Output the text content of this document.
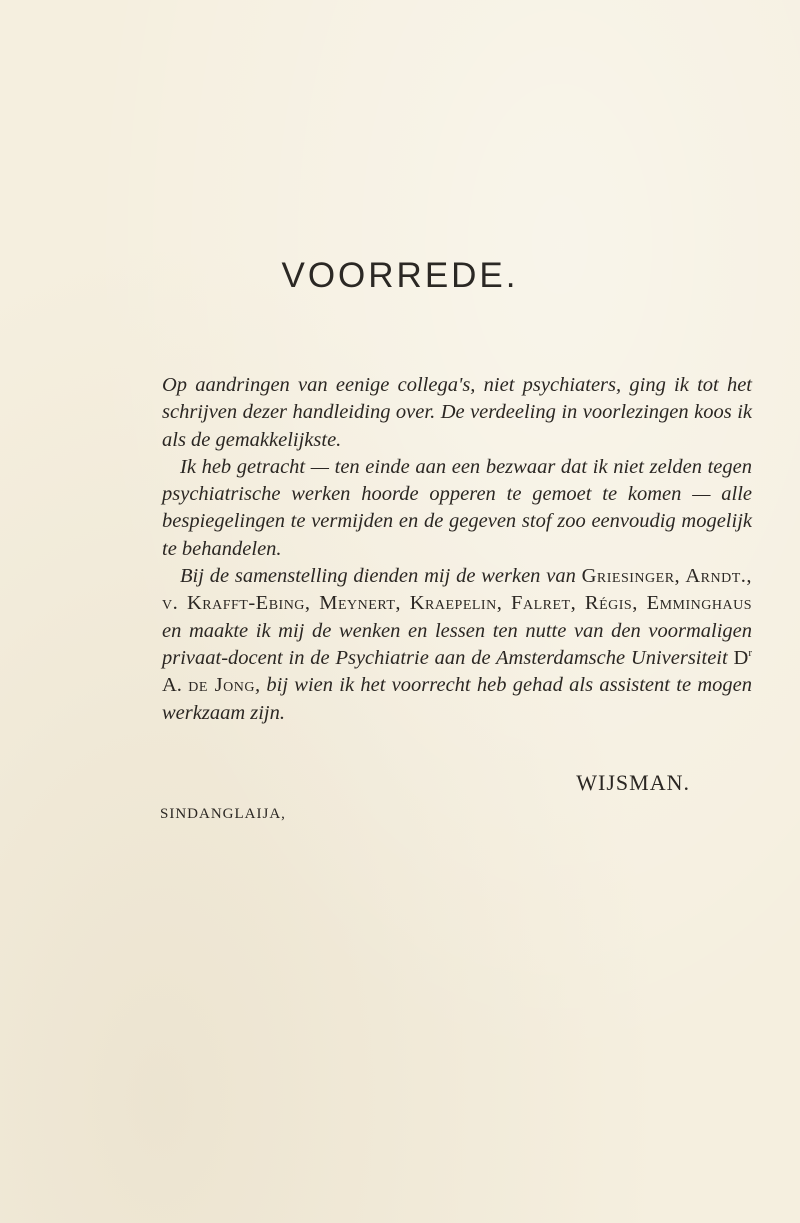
VOORREDE.

Op aandringen van eenige collega's, niet psychiaters, ging ik tot het schrijven dezer handleiding over. De verdeeling in voorlezingen koos ik als de gemakkelijkste.

Ik heb getracht — ten einde aan een bezwaar dat ik niet zelden tegen psychiatrische werken hoorde opperen te gemoet te komen — alle bespiegelingen te vermijden en de gegeven stof zoo eenvoudig mogelijk te behandelen.

Bij de samenstelling dienden mij de werken van Griesinger, Arndt., v. Krafft-Ebing, Meynert, Kraepelin, Falret, Régis, Emminghaus en maakte ik mij de wenken en lessen ten nutte van den voormaligen privaat-docent in de Psychiatrie aan de Amsterdamsche Universiteit $D^r$ A. de Jong, bij wien ik het voorrecht heb gehad als assistent te mogen werkzaam zijn.

WIJSMAN.

SINDANGLAIJA,
